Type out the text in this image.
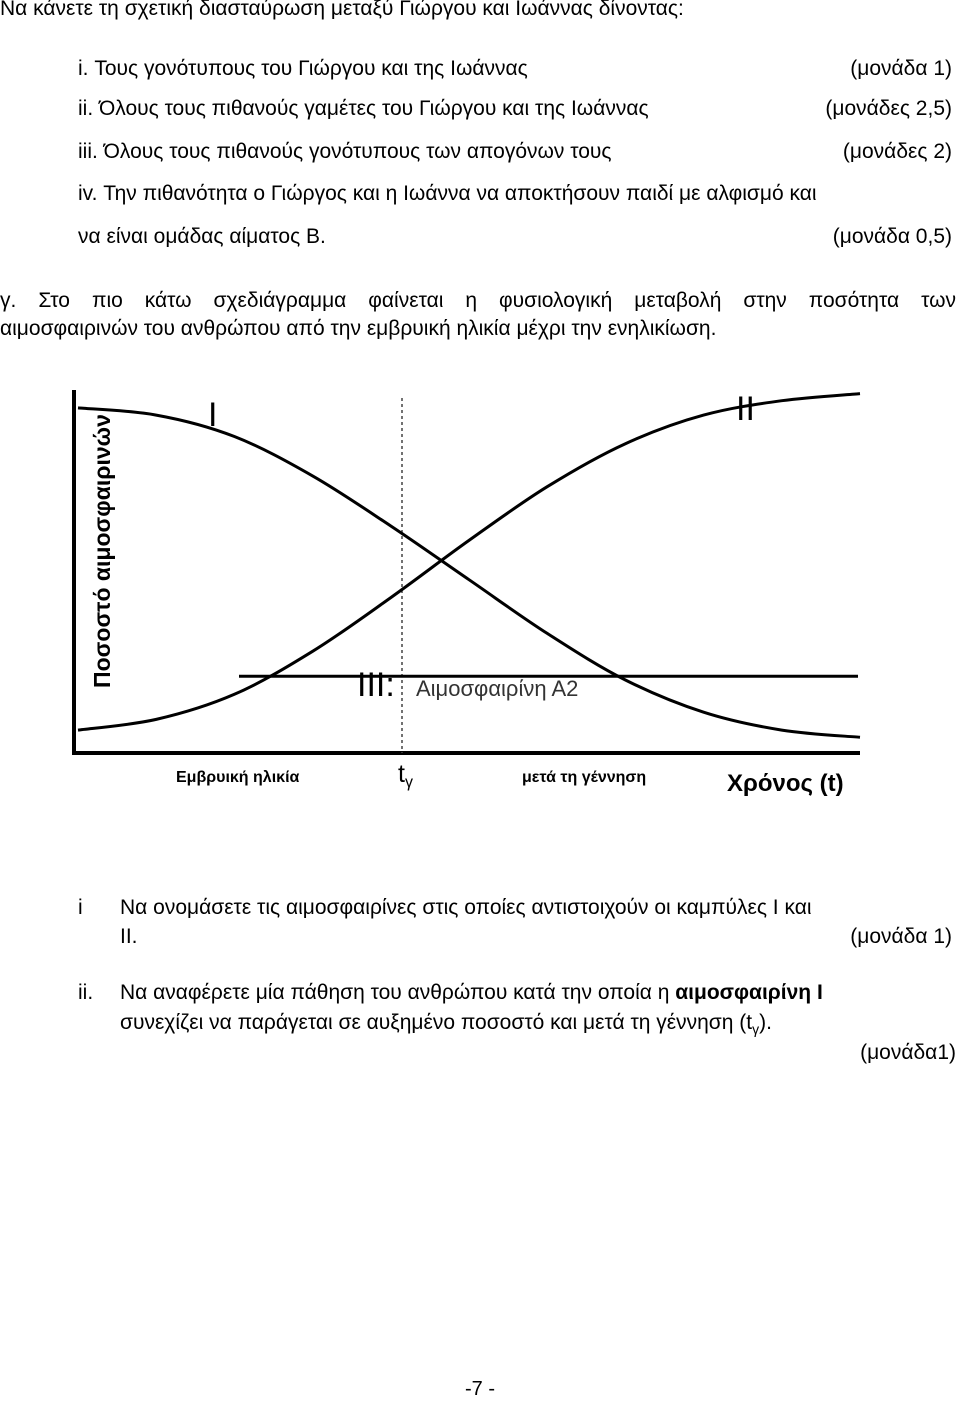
Να κάνετε τη σχετική διασταύρωση μεταξύ Γιώργου και Ιωάννας δίνοντας:
i. Τους γονότυπους του Γιώργου και της Ιωάννας	(μονάδα 1)
ii. Όλους τους πιθανούς γαμέτες του Γιώργου και της Ιωάννας	(μονάδες 2,5)
iii. Όλους τους πιθανούς γονότυπους των απογόνων τους	(μονάδες 2)
iv. Την πιθανότητα ο Γιώργος και η Ιωάννα να αποκτήσουν παιδί με αλφισμό και
να είναι ομάδας αίματος Β.	(μονάδα 0,5)
γ. Στο πιο κάτω σχεδιάγραμμα φαίνεται η φυσιολογική μεταβολή στην ποσότητα των
αιμοσφαιρινών του ανθρώπου από την εμβρυική ηλικία μέχρι την ενηλικίωση.
I	II
III: Αιμοσφαιρίνη Α2
Ποσοστό αιμοσφαιρινών
Εμβρυική ηλικία	$t_\gamma$	μετά τη γέννηση	Χρόνος (t)
i Να ονομάσετε τις αιμοσφαιρίνες στις οποίες αντιστοιχούν οι καμπύλες Ι και
ΙΙ.	(μονάδα 1)
ii. Να αναφέρετε μία πάθηση του ανθρώπου κατά την οποία η αιμοσφαιρίνη Ι
συνεχίζει να παράγεται σε αυξημένο ποσοστό και μετά τη γέννηση $(t_\gamma)$.
(μονάδα1)
-7 -
